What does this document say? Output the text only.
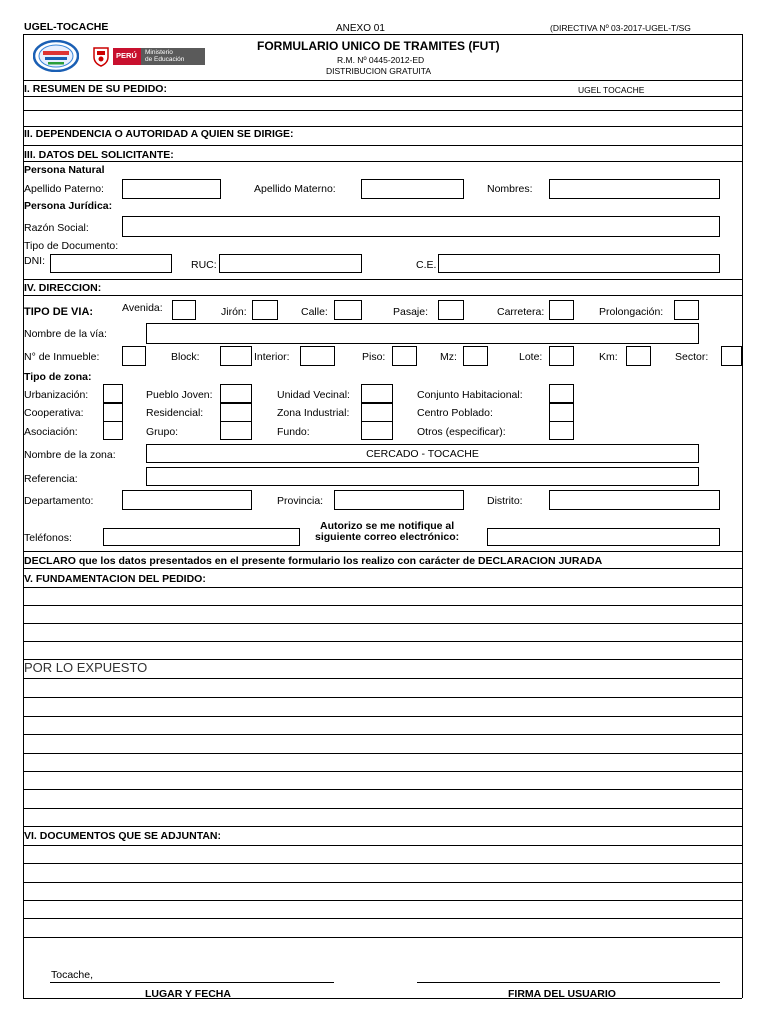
UGEL-TOCACHE	ANEXO 01	(DIRECTIVA Nº 03-2017-UGEL-T/SG
PERÚ Ministerio
de Educación
FORMULARIO UNICO DE TRAMITES (FUT)
R.M. Nº 0445-2012-ED
DISTRIBUCION GRATUITA
I. RESUMEN DE SU PEDIDO:	UGEL TOCACHE
II. DEPENDENCIA O AUTORIDAD A QUIEN SE DIRIGE:
III. DATOS DEL SOLICITANTE:
Persona Natural
Apellido Paterno:	Apellido Materno:	Nombres:
Persona Jurídica:
Razón Social:
Tipo de Documento:
DNI:	RUC:	C.E.
IV. DIRECCION:
TIPO DE VIA:	Avenida:	Jirón:	Calle:	Pasaje:	Carretera:	Prolongación:
Nombre de la vía:
N° de Inmueble:	Block:	Interior:	Piso:	Mz:	Lote:	Km:	Sector:
Tipo de zona:
Urbanización:	Pueblo Joven:	Unidad Vecinal:	Conjunto Habitacional:
Cooperativa:	Residencial:	Zona Industrial:	Centro Poblado:
Asociación:	Grupo:	Fundo:	Otros (especificar):
Nombre de la zona:	CERCADO - TOCACHE
Referencia:
Departamento:	Provincia:	Distrito:
Teléfonos:
Autorizo se me notifique al
siguiente correo electrónico:
DECLARO que los datos presentados en el presente formulario los realizo con carácter de DECLARACION JURADA
V. FUNDAMENTACION DEL PEDIDO:
POR LO EXPUESTO
VI. DOCUMENTOS QUE SE ADJUNTAN:
Tocache,
LUGAR Y FECHA	FIRMA DEL USUARIO
